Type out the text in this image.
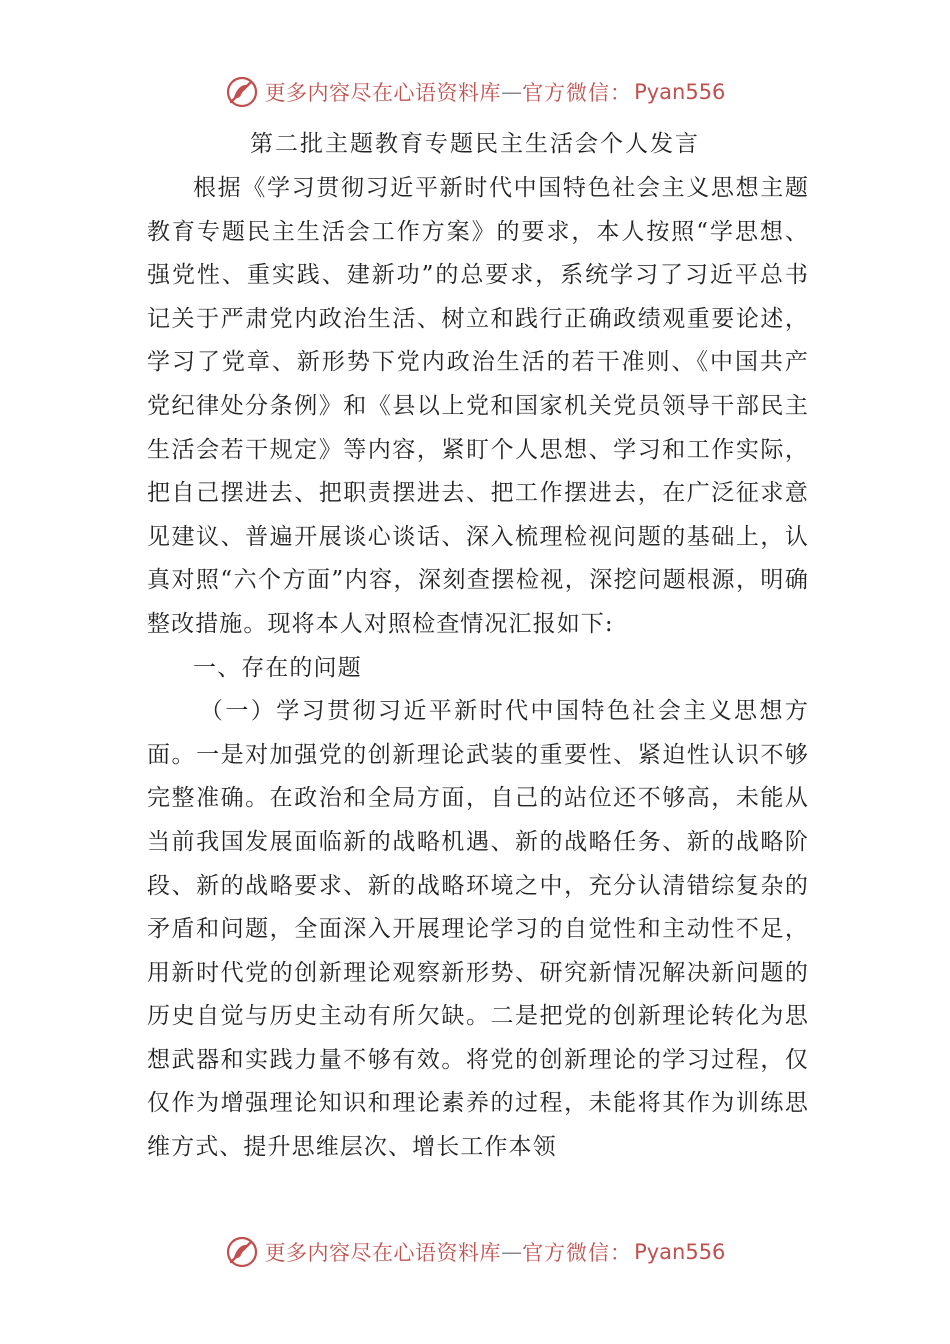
更多内容尽在心语资料库 — 官方微信： Pyan556
第二批主题教育专题民主生活会个人发言

根据《学习贯彻习近平新时代中国特色社会主义思想主题教育专题民主生活会工作方案》的要求，本人按照“学思想、强党性、重实践、建新功”的总要求，系统学习了习近平总书记关于严肃党内政治生活、树立和践行正确政绩观重要论述，学习了党章、新形势下党内政治生活的若干准则、《中国共产党纪律处分条例》和《县以上党和国家机关党员领导干部民主生活会若干规定》等内容，紧盯个人思想、学习和工作实际，把自己摆进去、把职责摆进去、把工作摆进去，在广泛征求意见建议、普遍开展谈心谈话、深入梳理检视问题的基础上，认真对照“六个方面”内容，深刻查摆检视，深挖问题根源，明确整改措施。现将本人对照检查情况汇报如下:

一、存在的问题

（一）学习贯彻习近平新时代中国特色社会主义思想方面。一是对加强党的创新理论武装的重要性、紧迫性认识不够完整准确。在政治和全局方面，自己的站位还不够高，未能从当前我国发展面临新的战略机遇、新的战略任务、新的战略阶段、新的战略要求、新的战略环境之中，充分认清错综复杂的矛盾和问题，全面深入开展理论学习的自觉性和主动性不足，用新时代党的创新理论观察新形势、研究新情况解决新问题的历史自觉与历史主动有所欠缺。二是把党的创新理论转化为思想武器和实践力量不够有效。将党的创新理论的学习过程，仅仅作为增强理论知识和理论素养的过程，未能将其作为训练思维方式、提升思维层次、增长工作本领

更多内容尽在心语资料库 — 官方微信： Pyan556
